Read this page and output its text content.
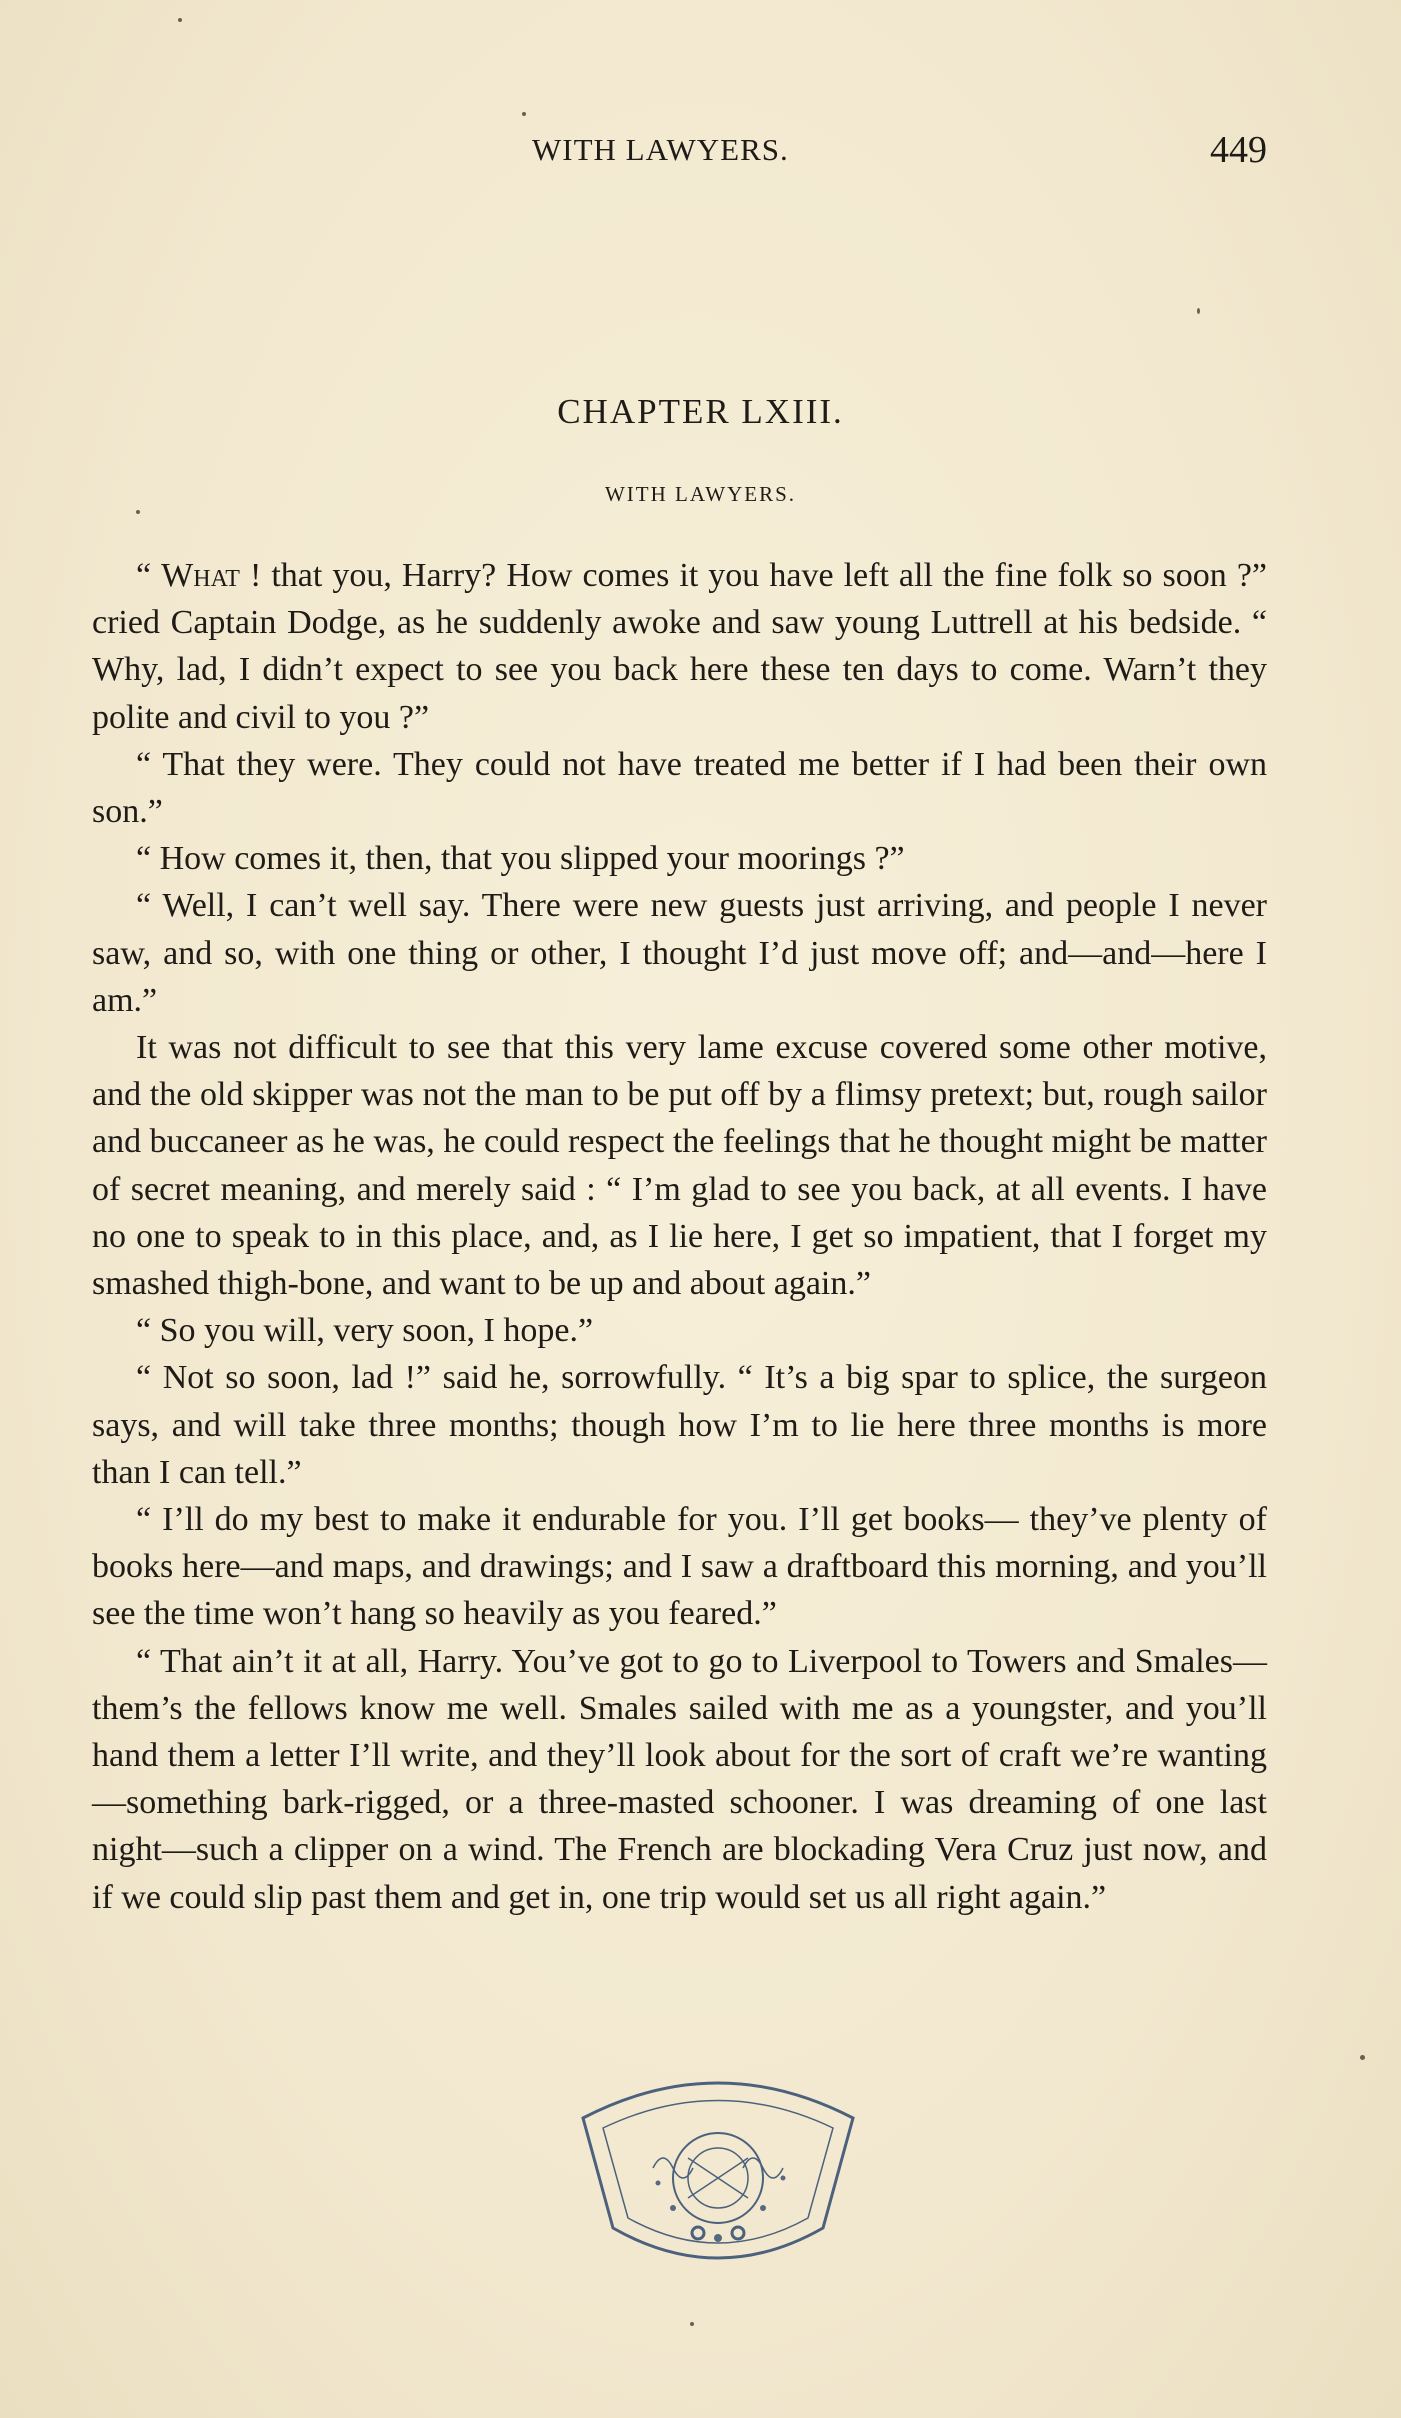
WITH LAWYERS.	449
CHAPTER LXIII.
WITH LAWYERS.

“ What ! that you, Harry? How comes it you have left all the fine folk so soon ?” cried Captain Dodge, as he suddenly awoke and saw young Luttrell at his bedside. “ Why, lad, I didn’t expect to see you back here these ten days to come. Warn’t they polite and civil to you ?”

“ That they were. They could not have treated me better if I had been their own son.”

“ How comes it, then, that you slipped your moorings ?”

“ Well, I can’t well say. There were new guests just arriving, and people I never saw, and so, with one thing or other, I thought I’d just move off; and—and—here I am.”

It was not difficult to see that this very lame excuse covered some other motive, and the old skipper was not the man to be put off by a flimsy pretext; but, rough sailor and buccaneer as he was, he could respect the feelings that he thought might be matter of secret meaning, and merely said : “ I’m glad to see you back, at all events. I have no one to speak to in this place, and, as I lie here, I get so impatient, that I forget my smashed thigh-bone, and want to be up and about again.”

“ So you will, very soon, I hope.”

“ Not so soon, lad !” said he, sorrowfully. “ It’s a big spar to splice, the surgeon says, and will take three months; though how I’m to lie here three months is more than I can tell.”

“ I’ll do my best to make it endurable for you. I’ll get books— they’ve plenty of books here—and maps, and drawings; and I saw a draftboard this morning, and you’ll see the time won’t hang so heavily as you feared.”

“ That ain’t it at all, Harry. You’ve got to go to Liverpool to Towers and Smales—them’s the fellows know me well. Smales sailed with me as a youngster, and you’ll hand them a letter I’ll write, and they’ll look about for the sort of craft we’re wanting—something bark-rigged, or a three-masted schooner. I was dreaming of one last night—such a clipper on a wind. The French are blockading Vera Cruz just now, and if we could slip past them and get in, one trip would set us all right again.”
